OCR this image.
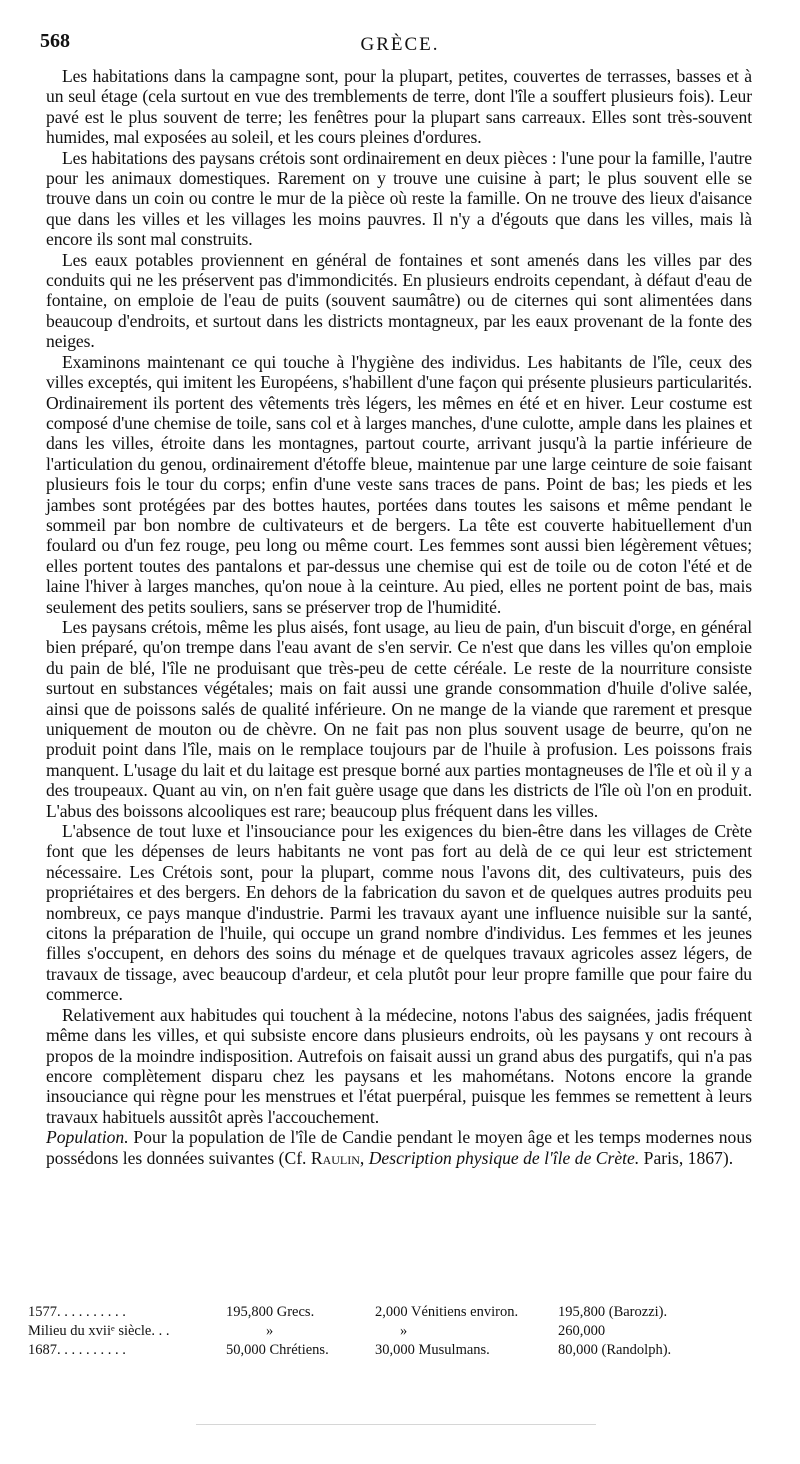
568	GRÈCE.

Les habitations dans la campagne sont, pour la plupart, petites, couvertes de terrasses, basses et à un seul étage (cela surtout en vue des tremblements de terre, dont l'île a souffert plusieurs fois). Leur pavé est le plus souvent de terre; les fenêtres pour la plupart sans carreaux. Elles sont très-souvent humides, mal exposées au soleil, et les cours pleines d'ordures.

Les habitations des paysans crétois sont ordinairement en deux pièces : l'une pour la famille, l'autre pour les animaux domestiques. Rarement on y trouve une cuisine à part; le plus souvent elle se trouve dans un coin ou contre le mur de la pièce où reste la famille. On ne trouve des lieux d'aisance que dans les villes et les villages les moins pauvres. Il n'y a d'égouts que dans les villes, mais là encore ils sont mal construits.

Les eaux potables proviennent en général de fontaines et sont amenés dans les villes par des conduits qui ne les préservent pas d'immondicités. En plusieurs endroits cependant, à défaut d'eau de fontaine, on emploie de l'eau de puits (souvent saumâtre) ou de citernes qui sont alimentées dans beaucoup d'endroits, et surtout dans les districts montagneux, par les eaux provenant de la fonte des neiges.

Examinons maintenant ce qui touche à l'hygiène des individus. Les habitants de l'île, ceux des villes exceptés, qui imitent les Européens, s'habillent d'une façon qui présente plusieurs particularités. Ordinairement ils portent des vêtements très légers, les mêmes en été et en hiver. Leur costume est composé d'une chemise de toile, sans col et à larges manches, d'une culotte, ample dans les plaines et dans les villes, étroite dans les montagnes, partout courte, arrivant jusqu'à la partie inférieure de l'articulation du genou, ordinairement d'étoffe bleue, maintenue par une large ceinture de soie faisant plusieurs fois le tour du corps; enfin d'une veste sans traces de pans. Point de bas; les pieds et les jambes sont protégées par des bottes hautes, portées dans toutes les saisons et même pendant le sommeil par bon nombre de cultivateurs et de bergers. La tête est couverte habituellement d'un foulard ou d'un fez rouge, peu long ou même court. Les femmes sont aussi bien légèrement vêtues; elles portent toutes des pantalons et par-dessus une chemise qui est de toile ou de coton l'été et de laine l'hiver à larges manches, qu'on noue à la ceinture. Au pied, elles ne portent point de bas, mais seulement des petits souliers, sans se préserver trop de l'humidité.

Les paysans crétois, même les plus aisés, font usage, au lieu de pain, d'un biscuit d'orge, en général bien préparé, qu'on trempe dans l'eau avant de s'en servir. Ce n'est que dans les villes qu'on emploie du pain de blé, l'île ne produisant que très-peu de cette céréale. Le reste de la nourriture consiste surtout en substances végétales; mais on fait aussi une grande consommation d'huile d'olive salée, ainsi que de poissons salés de qualité inférieure. On ne mange de la viande que rarement et presque uniquement de mouton ou de chèvre. On ne fait pas non plus souvent usage de beurre, qu'on ne produit point dans l'île, mais on le remplace toujours par de l'huile à profusion. Les poissons frais manquent. L'usage du lait et du laitage est presque borné aux parties montagneuses de l'île et où il y a des troupeaux. Quant au vin, on n'en fait guère usage que dans les districts de l'île où l'on en produit. L'abus des boissons alcooliques est rare; beaucoup plus fréquent dans les villes.

L'absence de tout luxe et l'insouciance pour les exigences du bien-être dans les villages de Crète font que les dépenses de leurs habitants ne vont pas fort au delà de ce qui leur est strictement nécessaire. Les Crétois sont, pour la plupart, comme nous l'avons dit, des cultivateurs, puis des propriétaires et des bergers. En dehors de la fabrication du savon et de quelques autres produits peu nombreux, ce pays manque d'industrie. Parmi les travaux ayant une influence nuisible sur la santé, citons la préparation de l'huile, qui occupe un grand nombre d'individus. Les femmes et les jeunes filles s'occupent, en dehors des soins du ménage et de quelques travaux agricoles assez légers, de travaux de tissage, avec beaucoup d'ardeur, et cela plutôt pour leur propre famille que pour faire du commerce.

Relativement aux habitudes qui touchent à la médecine, notons l'abus des saignées, jadis fréquent même dans les villes, et qui subsiste encore dans plusieurs endroits, où les paysans y ont recours à propos de la moindre indisposition. Autrefois on faisait aussi un grand abus des purgatifs, qui n'a pas encore complètement disparu chez les paysans et les mahométans. Notons encore la grande insouciance qui règne pour les menstrues et l'état puerpéral, puisque les femmes se remettent à leurs travaux habituels aussitôt après l'accouchement.

Population. Pour la population de l'île de Candie pendant le moyen âge et les temps modernes nous possédons les données suivantes (Cf. Raulin, Description physique de l'île de Crète. Paris, 1867).

1577. . . . . . . . . .	195,800 Grecs.	2,000 Vénitiens environ.	195,800 (Barozzi).
Milieu du xviiᵉ siècle. . .	»	»	260,000
1687. . . . . . . . . .	50,000 Chrétiens.	30,000 Musulmans.	80,000 (Randolph).
